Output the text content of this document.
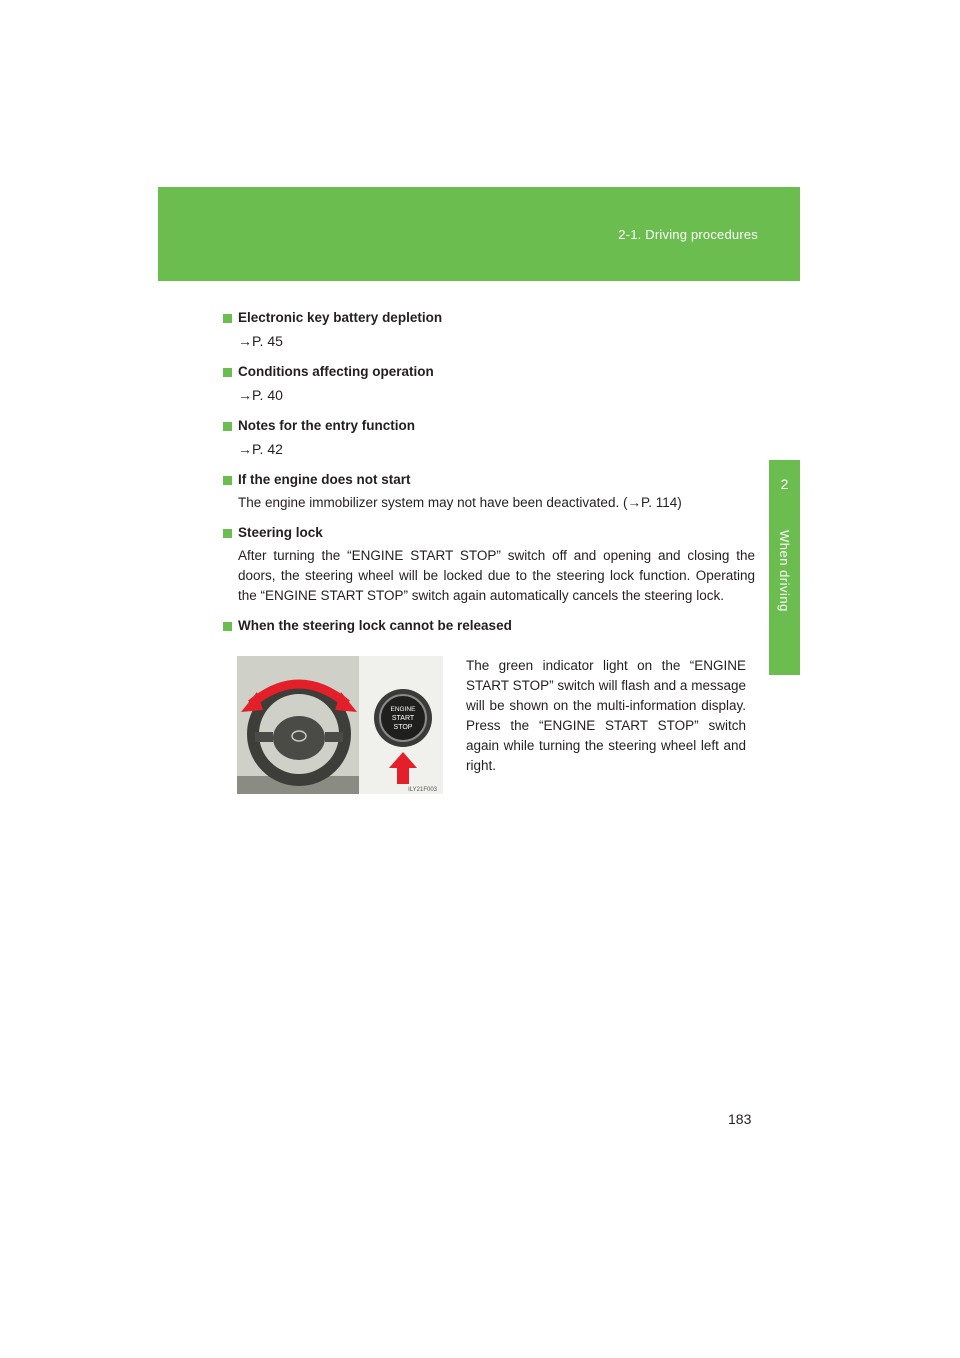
2-1. Driving procedures
2
When driving
Electronic key battery depletion
→P. 45
Conditions affecting operation
→P. 40
Notes for the entry function
→P. 42
If the engine does not start
The engine immobilizer system may not have been deactivated. (→P. 114)
Steering lock
After turning the “ENGINE START STOP” switch off and opening and closing the doors, the steering wheel will be locked due to the steering lock function. Operating the “ENGINE START STOP” switch again automatically cancels the steering lock.
When the steering lock cannot be released
ENGINE
START
STOP
ILY21F003
The green indicator light on the “ENGINE START STOP” switch will flash and a message will be shown on the multi-information display. Press the “ENGINE START STOP” switch again while turning the steering wheel left and right.
183
